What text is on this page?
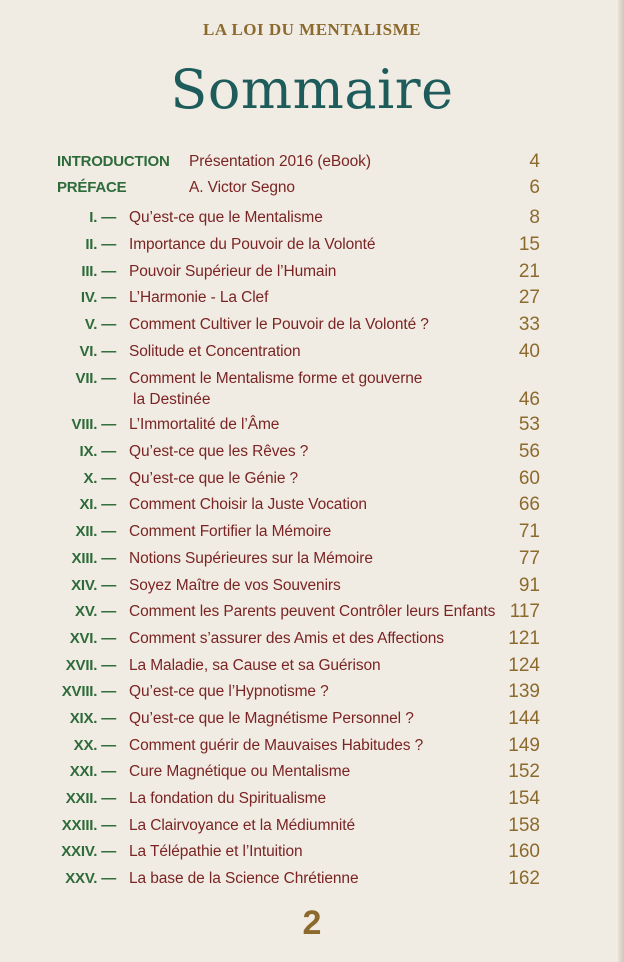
LA LOI DU MENTALISME
Sommaire
INTRODUCTION Présentation 2016 (eBook)	4
PRÉFACE	A. Victor Segno	6
I. — Qu’est-ce que le Mentalisme	8
II. — Importance du Pouvoir de la Volonté	15
III. — Pouvoir Supérieur de l’Humain	21
IV. — L’Harmonie - La Clef	27
V. — Comment Cultiver le Pouvoir de la Volonté ?	33
VI. — Solitude et Concentration	40
VII. — Comment le Mentalisme forme et gouverne
la Destinée	46
VIII. — L’Immortalité de l’Âme	53
IX. — Qu’est-ce que les Rêves ?	56
X. — Qu’est-ce que le Génie ?	60
XI. — Comment Choisir la Juste Vocation	66
XII. — Comment Fortifier la Mémoire	71
XIII. — Notions Supérieures sur la Mémoire	77
XIV. — Soyez Maître de vos Souvenirs	91
XV. — Comment les Parents peuvent Contrôler leurs Enfants 117
XVI. — Comment s’assurer des Amis et des Affections	121
XVII. — La Maladie, sa Cause et sa Guérison	124
XVIII. — Qu’est-ce que l’Hypnotisme ?	139
XIX. — Qu’est-ce que le Magnétisme Personnel ?	144
XX. — Comment guérir de Mauvaises Habitudes ?	149
XXI. — Cure Magnétique ou Mentalisme	152
XXII. — La fondation du Spiritualisme	154
XXIII. — La Clairvoyance et la Médiumnité	158
XXIV. — La Télépathie et l’Intuition	160
XXV. — La base de la Science Chrétienne	162
2
